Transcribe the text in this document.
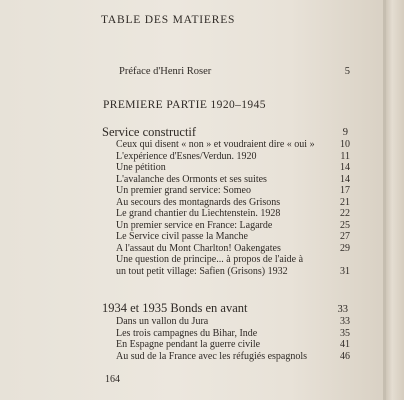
TABLE DES MATIERES
Préface d'Henri Roser	5
PREMIERE PARTIE 1920–1945
Service constructif	9
Ceux qui disent « non » et voudraient dire « oui »	10
L'expérience d'Esnes/Verdun. 1920	11
Une pétition	14
L'avalanche des Ormonts et ses suites	14
Un premier grand service: Someo	17
Au secours des montagnards des Grisons	21
Le grand chantier du Liechtenstein. 1928	22
Un premier service en France: Lagarde	25
Le Service civil passe la Manche	27
A l'assaut du Mont Charlton! Oakengates	29
Une question de principe... à propos de l'aide à
un tout petit village: Safien (Grisons) 1932	31
1934 et 1935 Bonds en avant	33
Dans un vallon du Jura	33
Les trois campagnes du Bihar, Inde	35
En Espagne pendant la guerre civile	41
Au sud de la France avec les réfugiés espagnols	46
164
